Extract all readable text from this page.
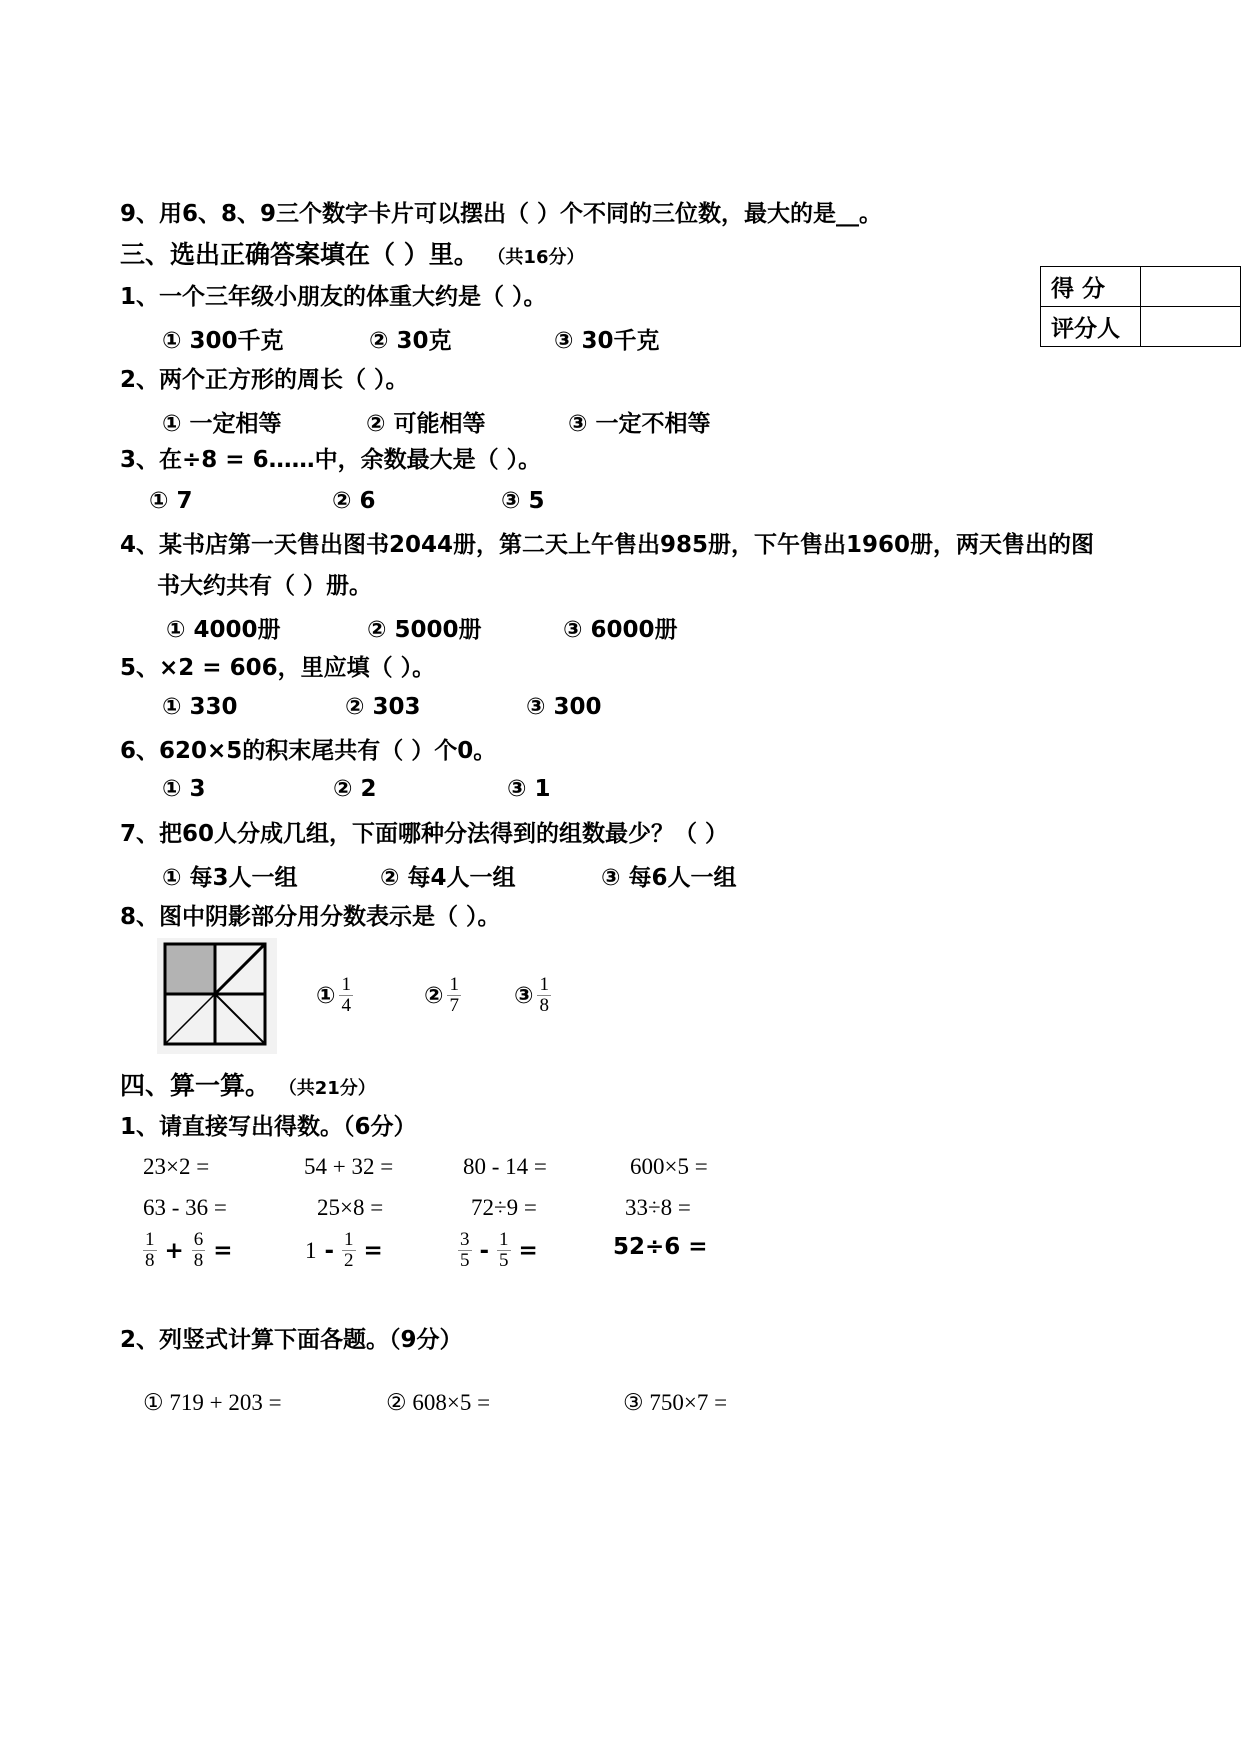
9、用6、8、9三个数字卡片可以摆出（ ）个不同的三位数，最大的是__。
三、选出正确答案填在（ ）里。 （共16分）
得 分	
评分人	
1、一个三年级小朋友的体重大约是（ ）。
① 300千克	② 30克	③ 30千克
2、两个正方形的周长（ ）。
① 一定相等	② 可能相等	③ 一定不相等
3、在÷8 = 6……中，余数最大是（ ）。
① 7	② 6	③ 5
4、某书店第一天售出图书2044册，第二天上午售出985册，下午售出1960册，两天售出的图
书大约共有（ ）册。
① 4000册	② 5000册	③ 6000册
5、×2 = 606，里应填（ ）。
① 330	② 303	③ 300
6、620×5的积末尾共有（ ）个0。
① 3	② 2	③ 1
7、把60人分成几组，下面哪种分法得到的组数最少？（ ）
① 每3人一组	② 每4人一组	③ 每6人一组
8、图中阴影部分用分数表示是（ ）。
① $\frac{1}{4}$	② $\frac{1}{7}$ ③ $\frac{1}{8}$
四、算一算。 （共21分）
1、请直接写出得数。（6分）
23×2 =	54 + 32 =	80 - 14 =	600×5 =
63 - 36 =	25×8 =	72÷9 =	33÷8 =
$\frac{1}{8} + \frac{6}{8}$ =	$1 - \frac{1}{2}$ =	$\frac{3}{5} - \frac{1}{5}$ =	52÷6 =
2、列竖式计算下面各题。（9分）
① 719 + 203 =	② 608×5 =	③ 750×7 =
